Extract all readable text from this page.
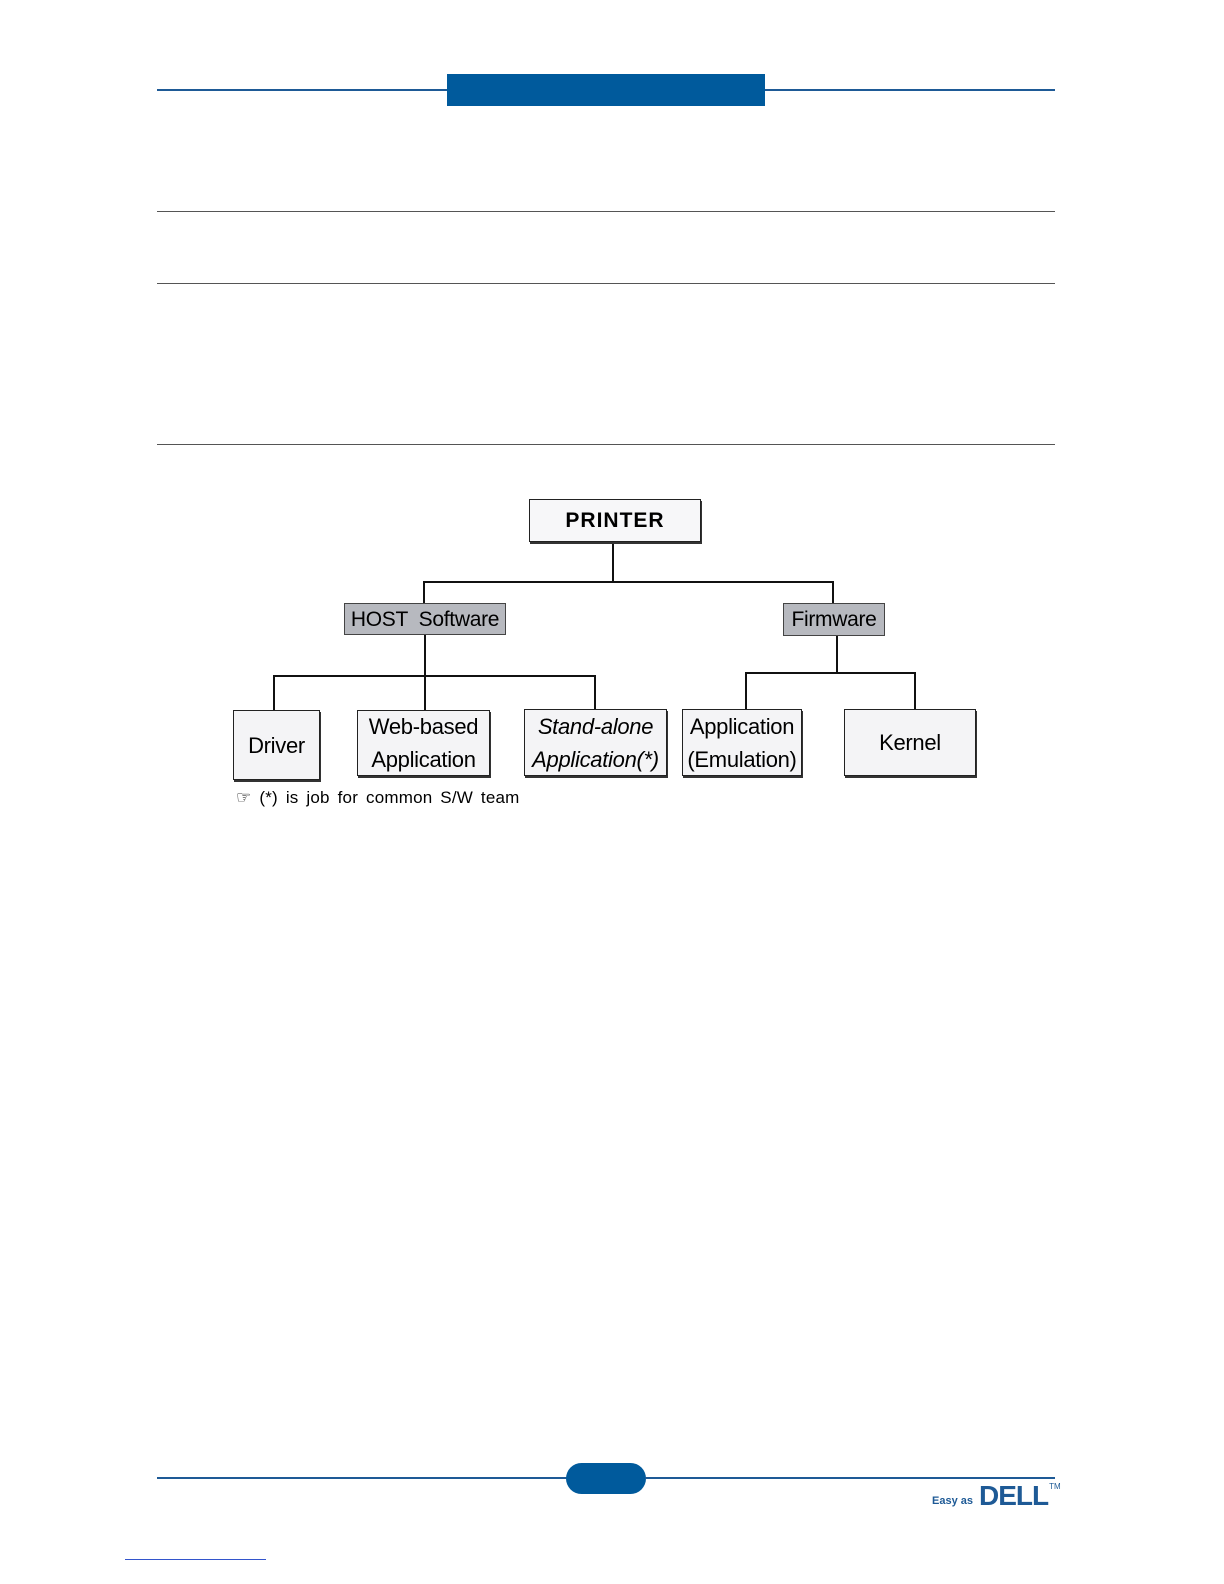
PRINTER
HOST  Software	Firmware
Driver
Web-based
Application
Stand-alone
Application(*)
Application
(Emulation)
Kernel
☞ (*) is job for common S/W team
Easy as DELL TM
